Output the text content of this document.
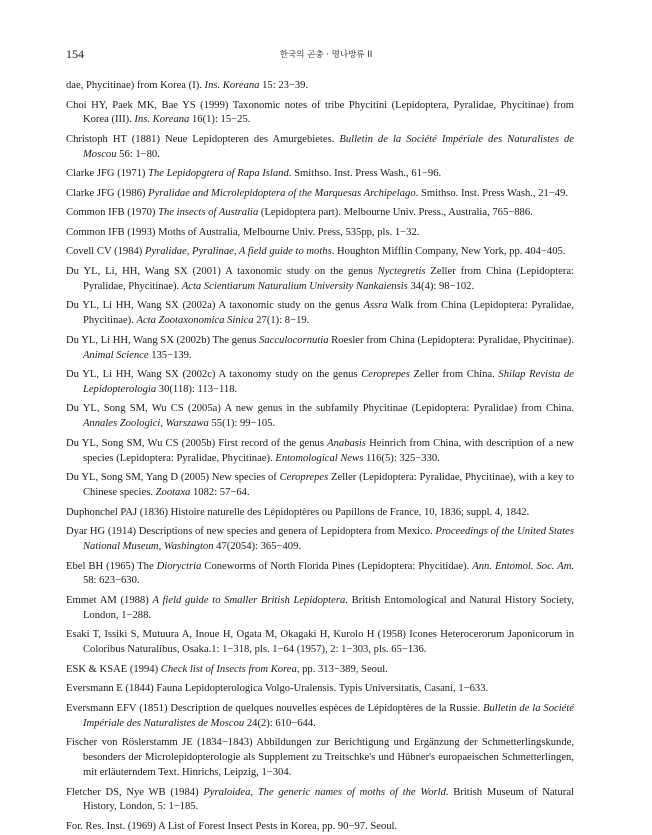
154	한국의 곤충 · 명나방류 II

dae, Phycitinae) from Korea (I). Ins. Koreana 15: 23−39.

Choi HY, Paek MK, Bae YS (1999) Taxonomic notes of tribe Phycitini (Lepidoptera, Pyralidae, Phycitinae) from Korea (III). Ins. Koreana 16(1): 15−25.

Christoph HT (1881) Neue Lepidopteren des Amurgebietes. Bulletin de la Société Impériale des Naturalistes de Moscou 56: 1−80.

Clarke JFG (1971) The Lepidopgtera of Rapa Island. Smithso. Inst. Press Wash., 61−96.

Clarke JFG (1986) Pyralidae and Microlepidoptera of the Marquesas Archipelago. Smithso. Inst. Press Wash., 21−49.

Common IFB (1970) The insects of Australia (Lepidoptera part). Melbourne Univ. Press., Australia, 765−886.

Common IFB (1993) Moths of Australia, Melbourne Univ. Press, 535pp, pls. 1−32.

Covell CV (1984) Pyralidae, Pyralinae, A field guide to moths. Houghton Mifflin Company, New York, pp. 404−405.

Du YL, Li, HH, Wang SX (2001) A taxonomic study on the genus Nyctegretis Zeller from China (Lepidoptera: Pyralidae, Phycitinae). Acta Scientiarum Naturalium University Nankaiensis 34(4): 98−102.

Du YL, Li HH, Wang SX (2002a) A taxonomic study on the genus Assra Walk from China (Lepidoptera: Pyralidae, Phycitinae). Acta Zootaxonomica Sinica 27(1): 8−19.

Du YL, Li HH, Wang SX (2002b) The genus Sacculocornutia Roesler from China (Lepidoptera: Pyralidae, Phycitinae). Animal Science 135−139.

Du YL, Li HH, Wang SX (2002c) A taxonomy study on the genus Ceroprepes Zeller from China. Shilap Revista de Lepidopterologia 30(118): 113−118.

Du YL, Song SM, Wu CS (2005a) A new genus in the subfamily Phycitinae (Lepidoptera: Pyralidae) from China. Annales Zoologici, Warszawa 55(1): 99−105.

Du YL, Song SM, Wu CS (2005b) First record of the genus Anabasis Heinrich from China, with description of a new species (Lepidoptera: Pyralidae, Phycitinae). Entomological News 116(5): 325−330.

Du YL, Song SM, Yang D (2005) New species of Ceroprepes Zeller (Lepidoptera: Pyralidae, Phycitinae), with a key to Chinese species. Zootaxa 1082: 57−64.

Duphonchel PAJ (1836) Histoire naturelle des Lépidoptères ou Papillons de France, 10, 1836; suppl. 4, 1842.

Dyar HG (1914) Descriptions of new species and genera of Lepidoptera from Mexico. Proceedings of the United States National Museum, Washington 47(2054): 365−409.

Ebel BH (1965) The Dioryctria Coneworms of North Florida Pines (Lepidoptera: Phycitidae). Ann. Entomol. Soc. Am. 58: 623−630.

Emmet AM (1988) A field guide to Smaller British Lepidoptera. British Entomological and Natural History Society, London, 1−288.

Esaki T, Issiki S, Mutuura A, Inoue H, Ogata M, Okagaki H, Kurolo H (1958) Icones Heterocerorum Japonicorum in Coloribus Naturalibus, Osaka.1: 1−318, pls. 1−64 (1957), 2: 1−303, pls. 65−136.

ESK & KSAE (1994) Check list of Insects from Korea, pp. 313−389, Seoul.

Eversmann E (1844) Fauna Lepidopterologica Volgo-Uralensis. Typis Universitatis, Casani, 1−633.

Eversmann EFV (1851) Description de quelques nouvelles espèces de Lépidoptères de la Russie. Bulletin de la Société Impériale des Naturalistes de Moscou 24(2): 610−644.

Fischer von Röslerstamm JE (1834−1843) Abbildungen zur Berichtigung und Ergänzung der Schmetterlingskunde, besonders der Microlepidopterologie als Supplement zu Treitschke's und Hübner's europaeischen Schmetterlingen, mit erläuterndem Text. Hinrichs, Leipzig, 1−304.

Fletcher DS, Nye WB (1984) Pyraloidea, The generic names of moths of the World. British Museum of Natural History, London, 5: 1−185.

For. Res. Inst. (1969) A List of Forest Insect Pests in Korea, pp. 90−97. Seoul.
